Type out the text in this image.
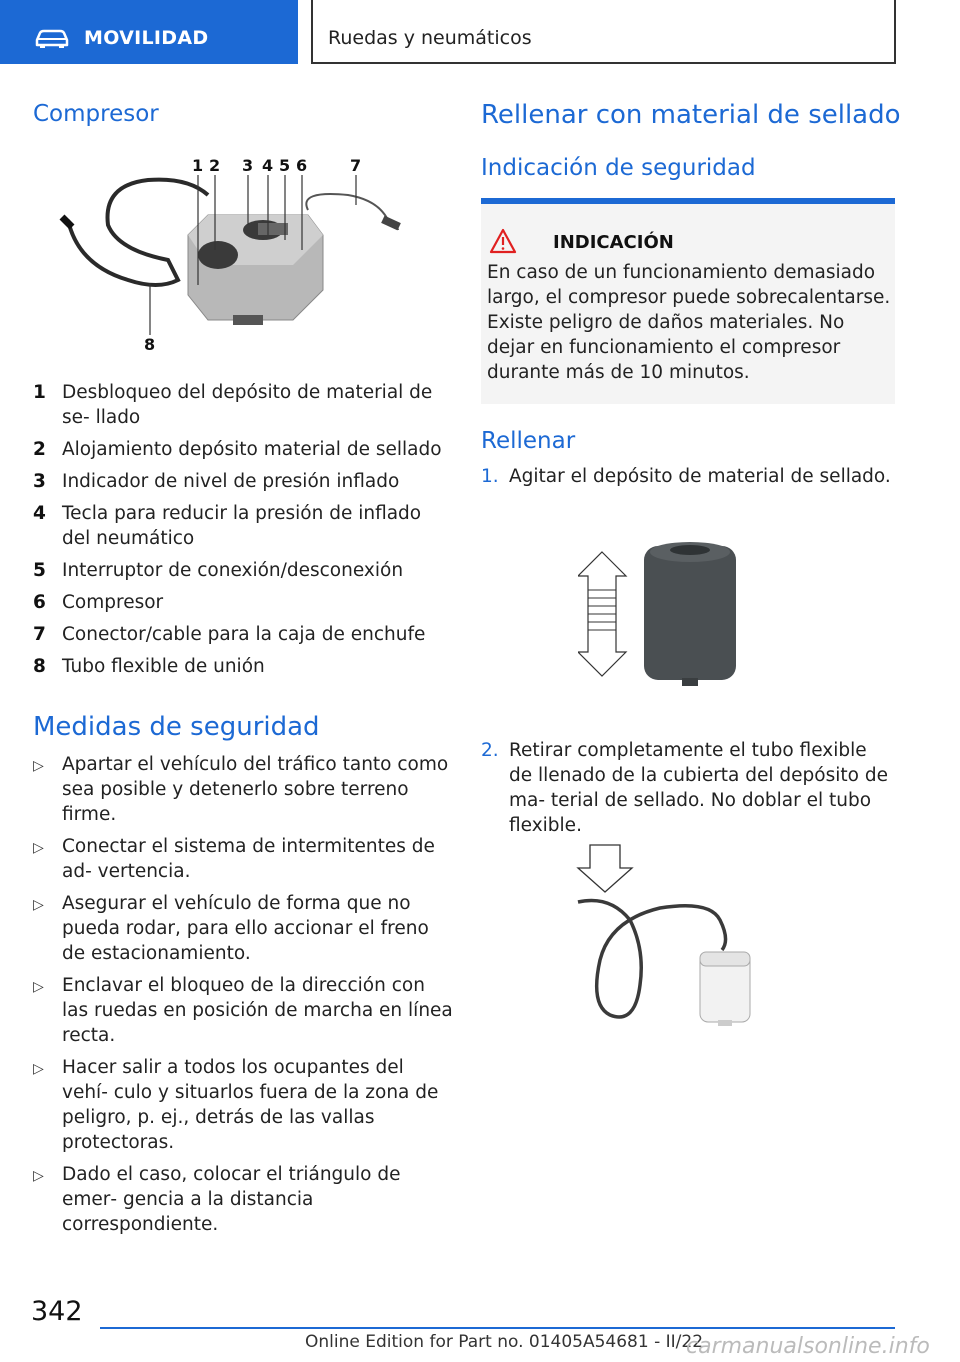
MOVILIDAD	Ruedas y neumáticos
Compresor
1 2 3 4 5 6	7
8
1 Desbloqueo del depósito de material de se‐ llado
2 Alojamiento depósito material de sellado
3 Indicador de nivel de presión inflado
4 Tecla para reducir la presión de inflado del neumático
5 Interruptor de conexión/desconexión
6 Compresor
7 Conector/cable para la caja de enchufe
8 Tubo flexible de unión
Medidas de seguridad
▷ Apartar el vehículo del tráfico tanto como sea posible y detenerlo sobre terreno firme.
▷ Conectar el sistema de intermitentes de ad‐ vertencia.
▷ Asegurar el vehículo de forma que no pueda rodar, para ello accionar el freno de estacionamiento.
▷ Enclavar el bloqueo de la dirección con las ruedas en posición de marcha en línea recta.
▷ Hacer salir a todos los ocupantes del vehí‐ culo y situarlos fuera de la zona de peligro, p. ej., detrás de las vallas protectoras.
▷ Dado el caso, colocar el triángulo de emer‐ gencia a la distancia correspondiente.
Rellenar con material de sellado
Indicación de seguridad
INDICACIÓN

En caso de un funcionamiento demasiado largo, el compresor puede sobrecalentarse. Existe peligro de daños materiales. No dejar en funcionamiento el compresor durante más de 10 minutos.

Rellenar
1. Agitar el depósito de material de sellado.
2. Retirar completamente el tubo flexible de llenado de la cubierta del depósito de ma‐ terial de sellado. No doblar el tubo flexible.
342
Online Edition for Part no. 01405A54681 - II/22
carmanualsonline.info
